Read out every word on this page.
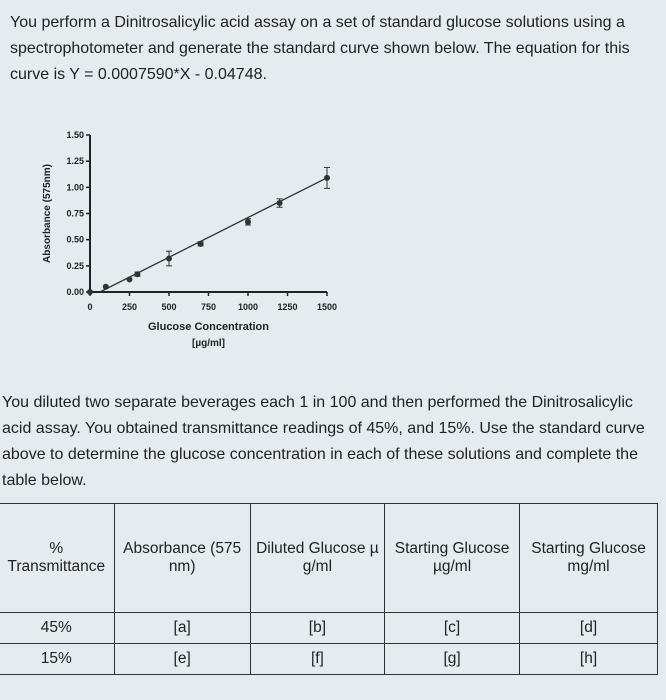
You perform a Dinitrosalicylic acid assay on a set of standard glucose solutions using a spectrophotometer and generate the standard curve shown below. The equation for this curve is Y = 0.0007590*X - 0.04748.

0	250	500	750 1000 1250 1500
0.00
0.25
0.50
0.75
1.00
1.25
1.50
Glucose Concentration
[µg/ml]
Absorbance (575nm)

You diluted two separate beverages each 1 in 100 and then performed the Dinitrosalicylic acid assay. You obtained transmittance readings of 45%, and 15%. Use the standard curve above to determine the glucose concentration in each of these solutions and complete the table below.

% Transmittance	Absorbance (575 nm)	Diluted Glucose µ g/ml	Starting Glucose µg/ml	Starting Glucose mg/ml
45%	[a]	[b]	[c]	[d]
15%	[e]	[f]	[g]	[h]
